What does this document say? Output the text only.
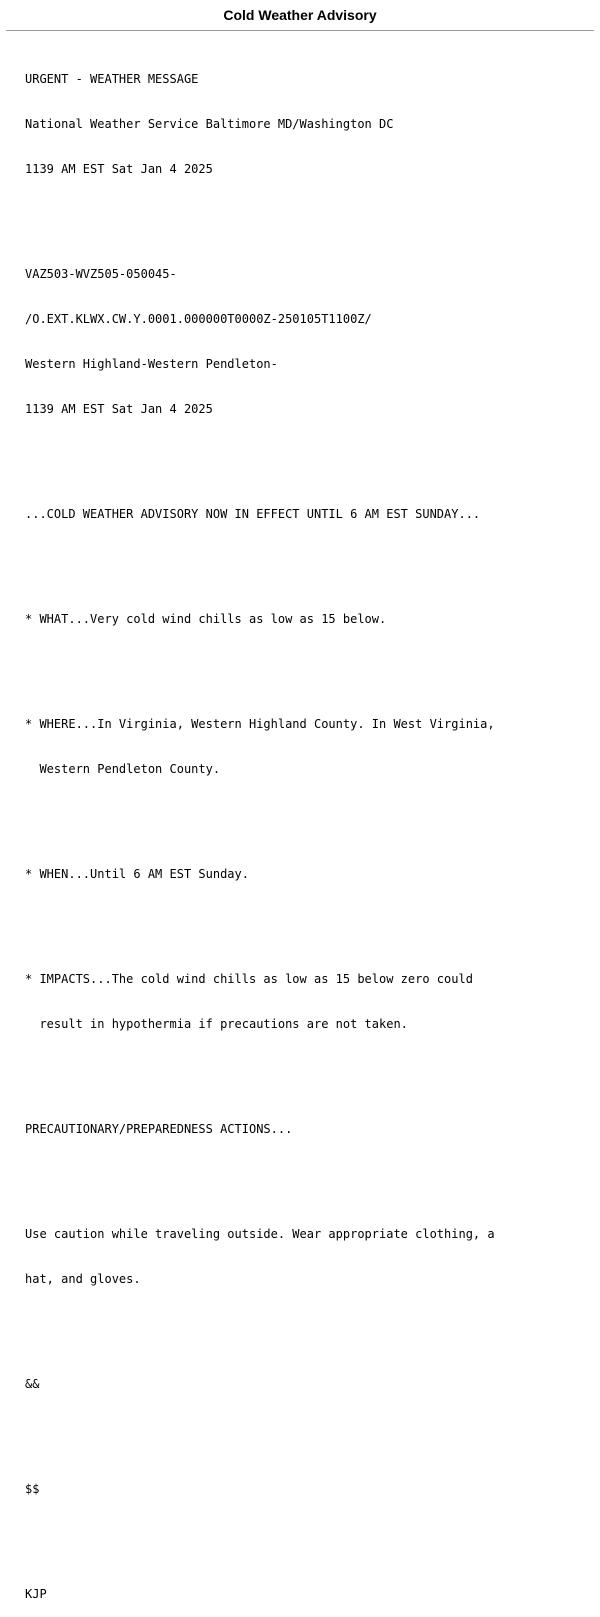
Cold Weather Advisory

URGENT - WEATHER MESSAGE

National Weather Service Baltimore MD/Washington DC

1139 AM EST Sat Jan 4 2025

VAZ503-WVZ505-050045-

/O.EXT.KLWX.CW.Y.0001.000000T0000Z-250105T1100Z/

Western Highland-Western Pendleton-

1139 AM EST Sat Jan 4 2025

...COLD WEATHER ADVISORY NOW IN EFFECT UNTIL 6 AM EST SUNDAY...

* WHAT...Very cold wind chills as low as 15 below.

* WHERE...In Virginia, Western Highland County. In West Virginia,

Western Pendleton County.

* WHEN...Until 6 AM EST Sunday.

* IMPACTS...The cold wind chills as low as 15 below zero could

result in hypothermia if precautions are not taken.

PRECAUTIONARY/PREPAREDNESS ACTIONS...

Use caution while traveling outside. Wear appropriate clothing, a

hat, and gloves.

&&

$$

KJP
